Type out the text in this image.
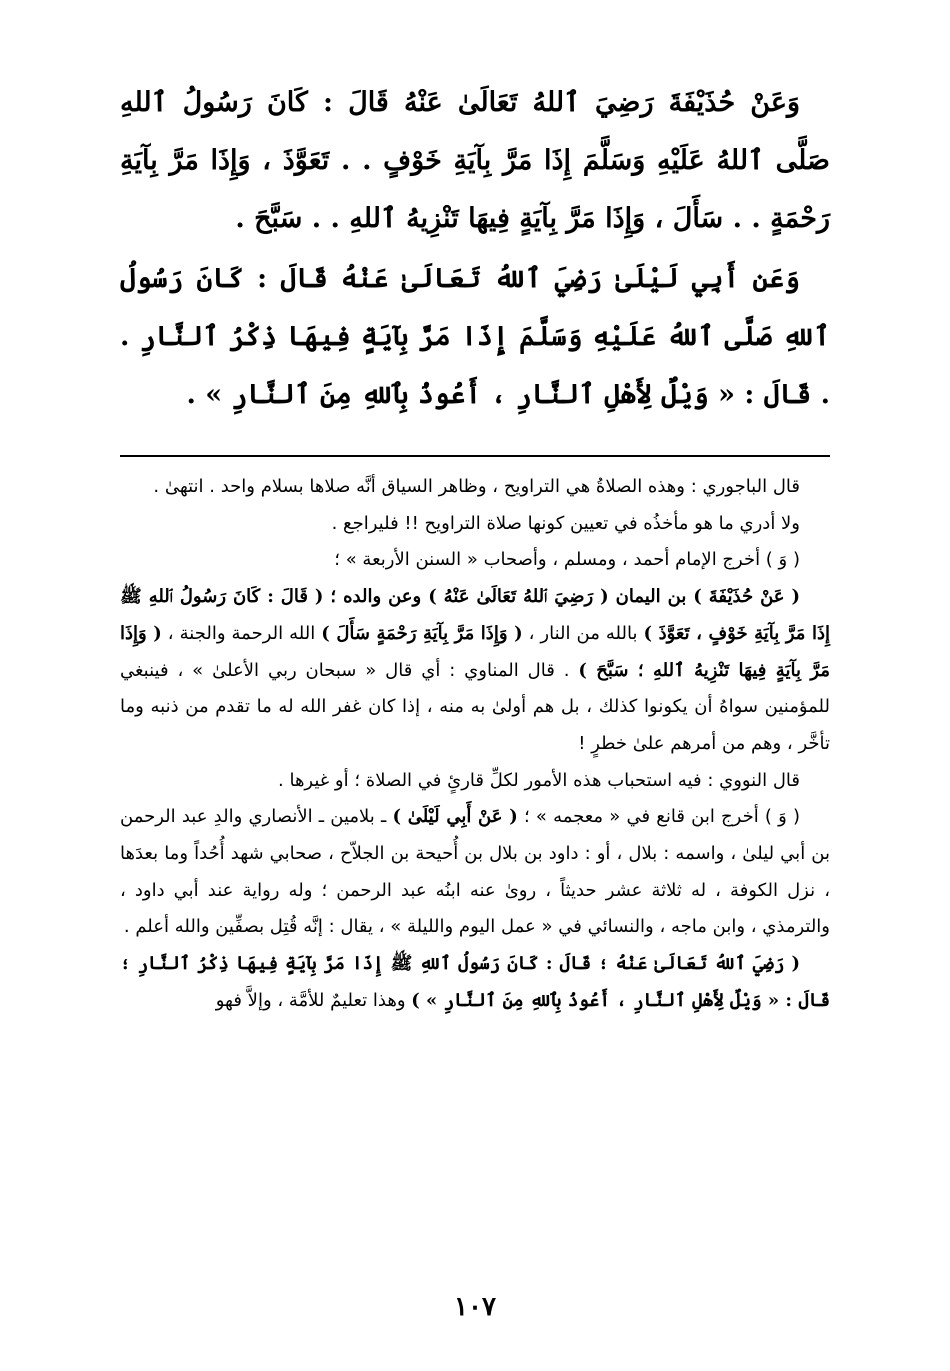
وَعَنْ حُذَيْفَةَ رَضِيَ ٱللهُ تَعَالَىٰ عَنْهُ قَالَ : كَانَ رَسُولُ ٱللهِ صَلَّى ٱللهُ عَلَيْهِ وَسَلَّمَ إِذَا مَرَّ بِآيَةِ خَوْفٍ . . تَعَوَّذَ ، وَإِذَا مَرَّ بِآيَةِ رَحْمَةٍ . . سَأَلَ ، وَإِذَا مَرَّ بِآيَةٍ فِيهَا تَنْزِيهُ ٱللهِ . . سَبَّحَ .

وَعَن أَبِي لَيْلَىٰ رَضِيَ ٱللهُ تَعَالَىٰ عَنْهُ قَالَ : كَانَ رَسُولُ ٱللهِ صَلَّى ٱللهُ عَلَيْهِ وَسَلَّمَ إِذَا مَرَّ بِآيَةٍ فِيهَا ذِكْرُ ٱلنَّارِ . . قَالَ : « وَيْلٌ لِأَهْلِ ٱلنَّارِ ، أَعُوذُ بِٱللهِ مِنَ ٱلنَّارِ » .

قال الباجوري : وهذه الصلاةُ هي التراويح ، وظاهر السياق أنَّه صلاها بسلام واحد . انتهىٰ .

ولا أدري ما هو مأخذُه في تعيين كونها صلاة التراويح !! فليراجع .

( وَ ) أخرج الإمام أحمد ، ومسلم ، وأصحاب « السنن الأربعة » ؛

( عَنْ حُذَيْفَةَ ) بن اليمان ( رَضِيَ ٱللهُ تَعَالَىٰ عَنْهُ ) وعن والده ؛ ( قَالَ : كَانَ رَسُولُ ٱللهِ ﷺ إِذَا مَرَّ بِآيَةِ خَوْفٍ ، تَعَوَّذَ ) بالله من النار ، ( وَإِذَا مَرَّ بِآيَةِ رَحْمَةٍ سَأَلَ ) الله الرحمة والجنة ، ( وَإِذَا مَرَّ بِآيَةٍ فِيهَا تَنْزِيهُ ٱللهِ ؛ سَبَّحَ ) . قال المناوي : أي قال « سبحان ربي الأعلىٰ » ، فينبغي للمؤمنين سواهُ أن يكونوا كذلك ، بل هم أولىٰ به منه ، إذا كان غفر الله له ما تقدم من ذنبه وما تأخَّر ، وهم من أمرهم علىٰ خطرٍ !

قال النووي : فيه استحباب هذه الأمور لكلِّ قارئٍ في الصلاة ؛ أو غيرها .

( وَ ) أخرج ابن قانع في « معجمه » ؛ ( عَنْ أَبِي لَيْلَىٰ ) ـ بلامين ـ الأنصاري والدِ عبد الرحمن بن أبي ليلىٰ ، واسمه : بلال ، أو : داود بن بلال بن أُحيحة بن الجلاّح ، صحابي شهد أُحُداً وما بعدَها ، نزل الكوفة ، له ثلاثة عشر حديثاً ، روىٰ عنه ابنُه عبد الرحمن ؛ وله رواية عند أبي داود ، والترمذي ، وابن ماجه ، والنسائي في « عمل اليوم والليلة » ، يقال : إنَّه قُتِل بصفِّين والله أعلم .

( رَضِيَ ٱللهُ تَعَالَىٰ عَنْهُ ؛ قَالَ : كَانَ رَسُولُ ٱللهِ ﷺ إِذَا مَرَّ بِآيَةٍ فِيهَا ذِكْرُ ٱلنَّارِ ؛ قَالَ : « وَيْلٌ لِأَهْلِ ٱلنَّارِ ، أَعُوذُ بِٱللهِ مِنَ ٱلنَّارِ » ) وهذا تعليمٌ للأمَّة ، وإلاَّ فهو

١٠٧
